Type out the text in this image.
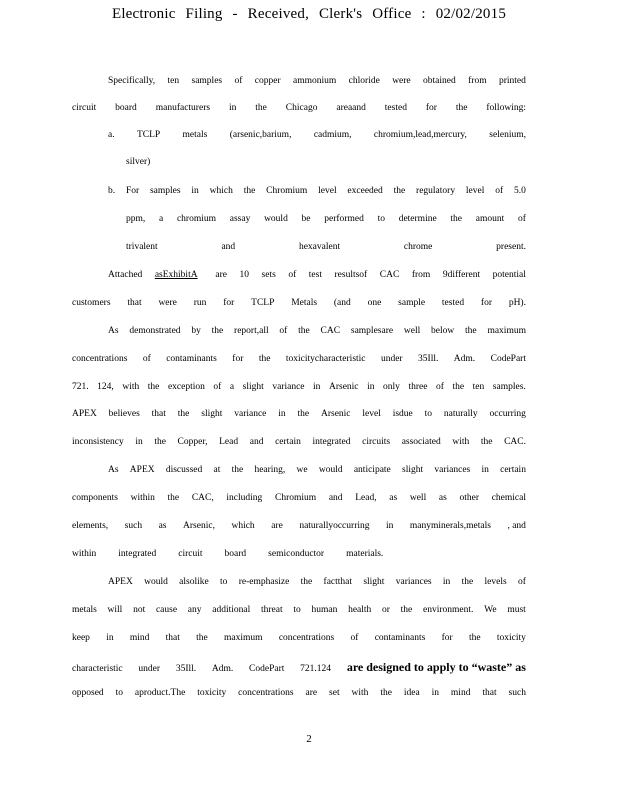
Electronic Filing - Received, Clerk's Office : 02/02/2015
Specifically, ten samples of copper ammonium chloride were obtained from printed
circuit board manufacturers in the Chicago areaand tested for the following:
a. TCLP metals (arsenic,barium, cadmium, chromium,lead,mercury, selenium,
silver)
b. For samples in which the Chromium level exceeded the regulatory level of 5.0
ppm, a chromium assay would be performed to determine the amount of
trivalent	and	hexavalent	chrome	present.
Attached asExhibitA	are 10 sets of test resultsof CAC from 9different potential
customers that were run for TCLP Metals (and one sample tested for pH).
As demonstrated by the report,all of the CAC samplesare well below the maximum
concentrations of contaminants for the toxicitycharacteristic under 35Ill. Adm. CodePart
721. 124, with the exception of a slight variance in Arsenic in only three of the ten samples.
APEX believes that the slight variance in the Arsenic level isdue to naturally occurring
inconsistency in the Copper, Lead and certain integrated circuits associated with the CAC.
As APEX discussed at the hearing, we would anticipate slight variances in certain
components within the CAC, including Chromium and Lead, as well as other chemical
elements, such as Arsenic, which are naturallyoccurring in manyminerals,metals , and
within integrated circuit board semiconductor materials.
APEX would alsolike to re-emphasize the factthat slight variances in the levels of
metals will not cause any additional threat to human health or the environment. We must
keep in mind that the maximum concentrations of contaminants for the toxicity
characteristic under 35Ill. Adm. CodePart 721.124 are designed to apply to “waste” as
opposed to aproduct.The toxicity concentrations are set with the idea in mind that such
2
